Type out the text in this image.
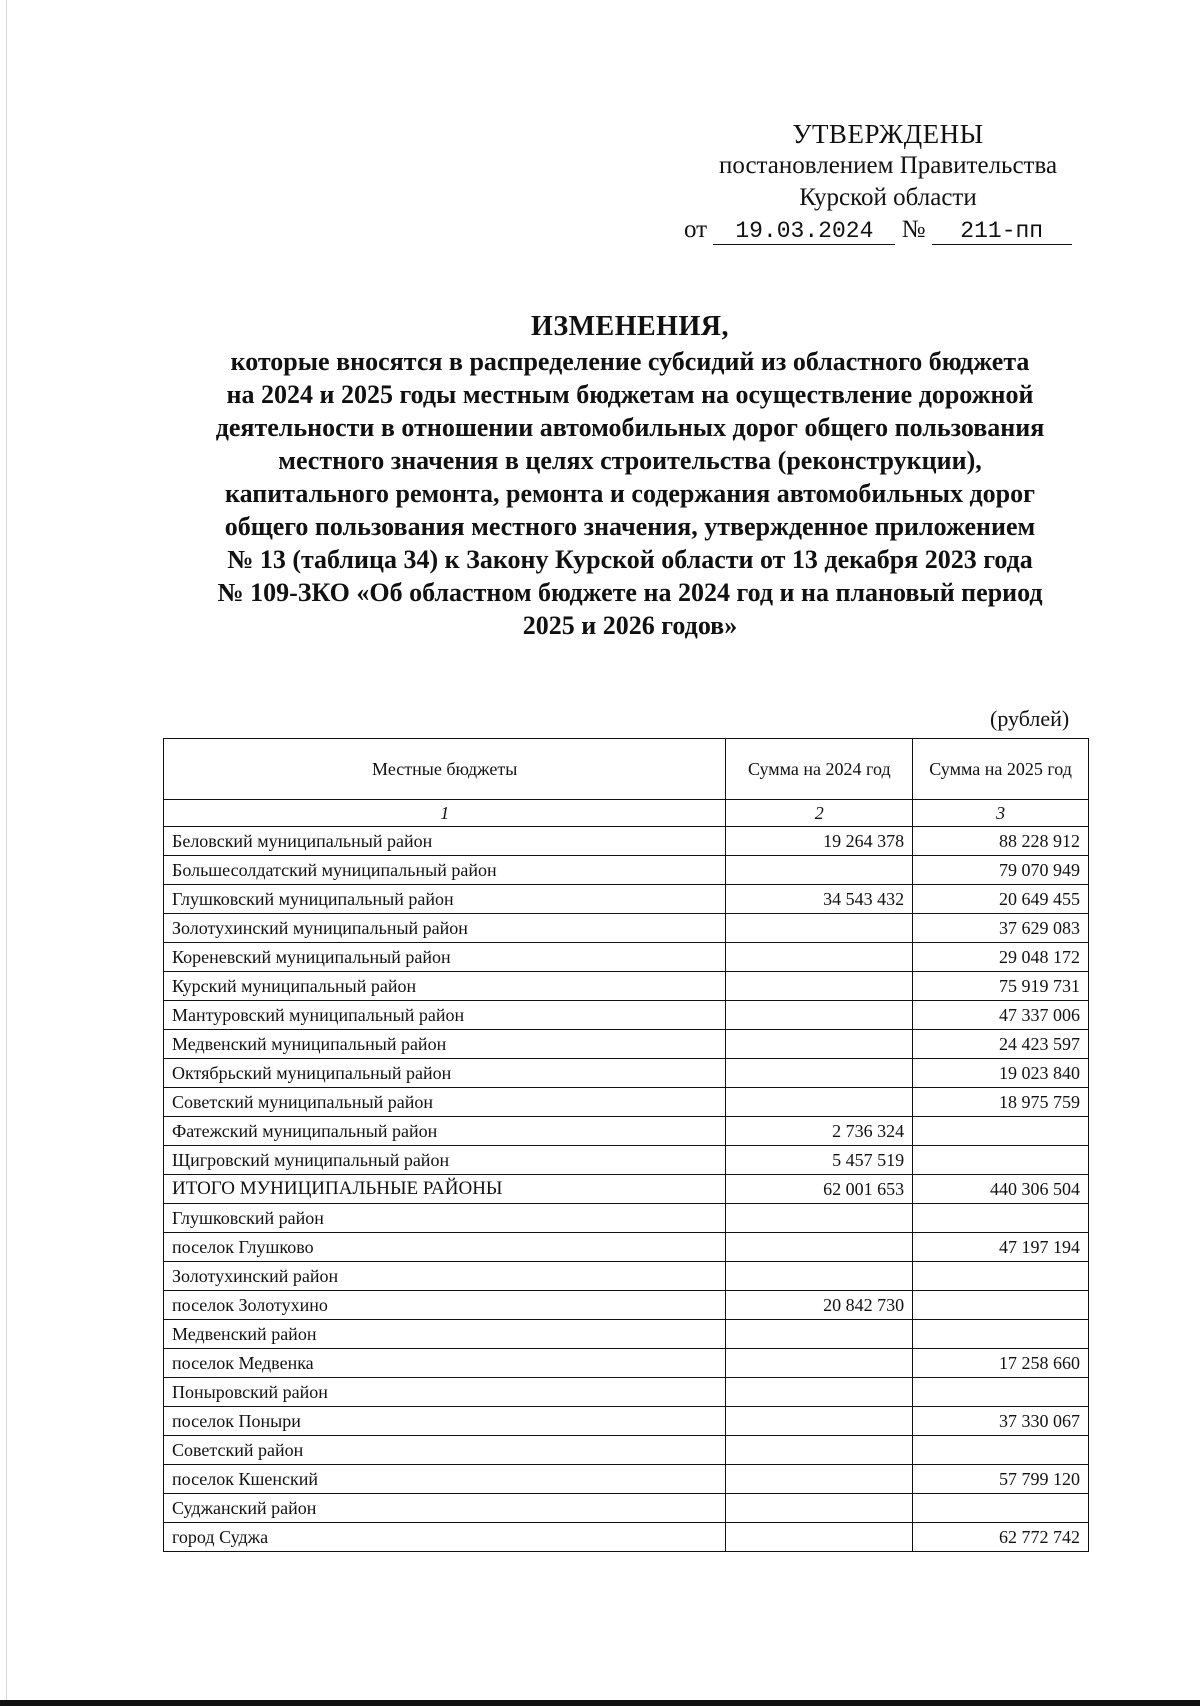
УТВЕРЖДЕНЫ
постановлением Правительства
Курской области
от 19.03.2024 № 211-пп
ИЗМЕНЕНИЯ,
которые вносятся в распределение субсидий из областного бюджета
на 2024 и 2025 годы местным бюджетам на осуществление дорожной
деятельности в отношении автомобильных дорог общего пользования
местного значения в целях строительства (реконструкции),
капитального ремонта, ремонта и содержания автомобильных дорог
общего пользования местного значения, утвержденное приложением
№ 13 (таблица 34) к Закону Курской области от 13 декабря 2023 года
№ 109-ЗКО «Об областном бюджете на 2024 год и на плановый период
2025 и 2026 годов»
(рублей)
Местные бюджеты	Сумма на 2024 год	Сумма на 2025 год
1	2	3
Беловский муниципальный район	19 264 378	88 228 912
Большесолдатский муниципальный район		79 070 949
Глушковский муниципальный район	34 543 432	20 649 455
Золотухинский муниципальный район		37 629 083
Кореневский муниципальный район		29 048 172
Курский муниципальный район		75 919 731
Мантуровский муниципальный район		47 337 006
Медвенский муниципальный район		24 423 597
Октябрьский муниципальный район		19 023 840
Советский муниципальный район		18 975 759
Фатежский муниципальный район	2 736 324	
Щигровский муниципальный район	5 457 519	
ИТОГО МУНИЦИПАЛЬНЫЕ РАЙОНЫ	62 001 653	440 306 504
Глушковский район		
поселок Глушково		47 197 194
Золотухинский район		
поселок Золотухино	20 842 730	
Медвенский район		
поселок Медвенка		17 258 660
Поныровский район		
поселок Поныри		37 330 067
Советский район		
поселок Кшенский		57 799 120
Суджанский район		
город Суджа		62 772 742
